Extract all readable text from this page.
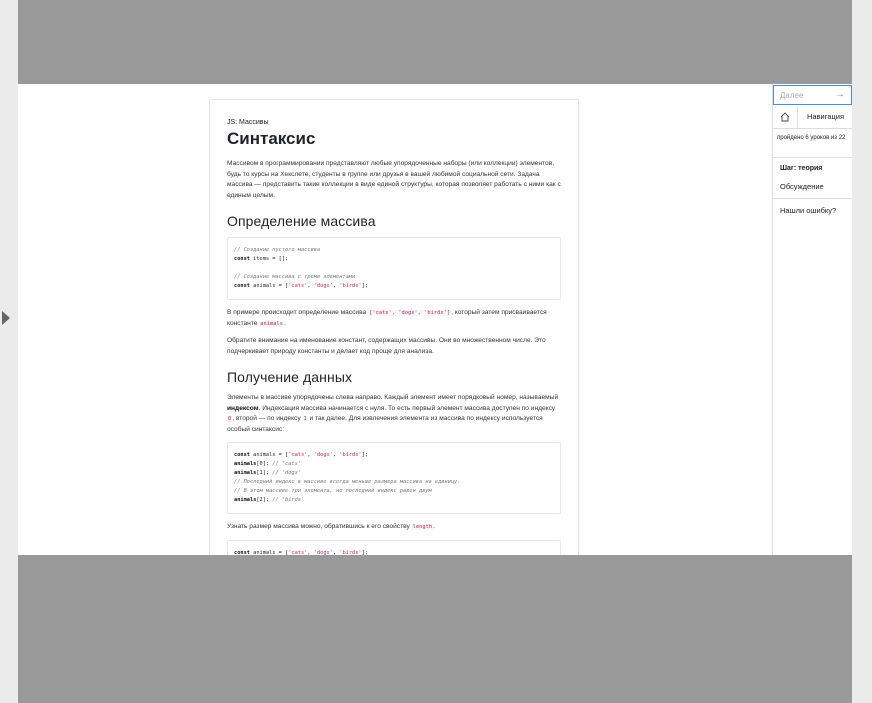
JS: Массивы
Синтаксис

Массивом в программировании представляют любые упорядоченные наборы (или коллекции) элементов, будь то курсы на Хекслете, студенты в группе или друзья в вашей любимой социальной сети. Задача массива — представить такие коллекции в виде единой структуры, которая позволяет работать с ними как с единым целым.

Определение массива
// Создание пустого массива
const items = [];
// Создание массива с тремя элементами
const animals = ['cats', 'dogs', 'birds'];

В примере происходит определение массива ['cats', 'dogs', 'birds'], который затем присваивается константе animals.

Обратите внимание на именование констант, содержащих массивы. Они во множественном числе. Это подчеркивает природу константы и делает код проще для анализа.

Получение данных

Элементы в массиве упорядочены слева направо. Каждый элемент имеет порядковый номер, называемый индексом. Индексация массива начинается с нуля. То есть первый элемент массива доступен по индексу 0, второй — по индексу 1 и так далее. Для извлечения элемента из массива по индексу используется особый синтаксис:

const animals = ['cats', 'dogs', 'birds'];
animals[0]; // 'cats'
animals[1]; // 'dogs'
// Последний индекс в массиве всегда меньше размера массива на единицу.
// В этом массиве три элемента, но последний индекс равен двум
animals[2]; // 'birds'

Узнать размер массива можно, обратившись к его свойству length.

const animals = ['cats', 'dogs', 'birds'];
Далее	→
Навигация
пройдено 6 уроков из 22
Шаг: теория
Обсуждение
Нашли ошибку?
